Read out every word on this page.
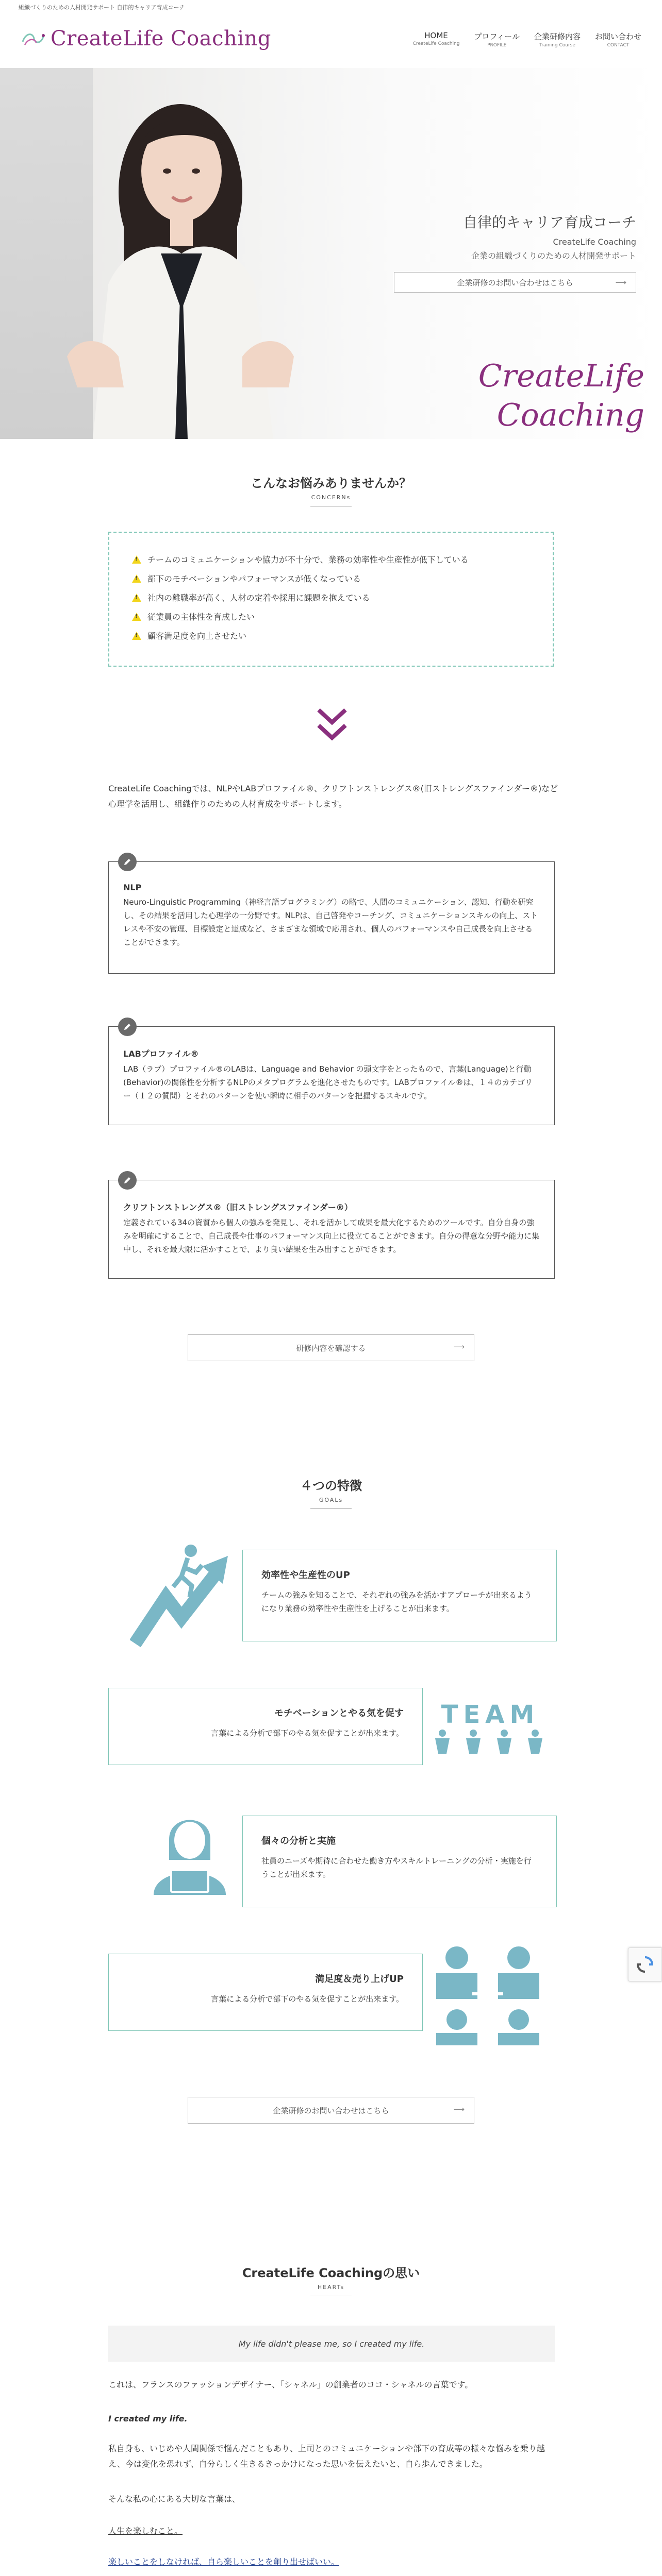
組織づくりのための人材開発サポート 自律的キャリア育成コーチ
CreateLife Coaching	HOME
CreateLife Coaching
プロフィール
PROFILE
企業研修内容
Training Course
お問い合わせ
CONTACT
自律的キャリア育成コーチ
CreateLife Coaching
企業の組織づくりのための人材開発サポート
企業研修のお問い合わせはこちら	⟶
CreateLife
Coaching
こんなお悩みありませんか？
CONCERNs
!
チームのコミュニケーションや協力が不十分で、業務の効率性や生産性が低下している
!
部下のモチベーションやパフォーマンスが低くなっている
!
社内の離職率が高く、人材の定着や採用に課題を抱えている
!
従業員の主体性を育成したい
!
顧客満足度を向上させたい
CreateLife Coachingでは、NLPやLABプロファイル®、クリフトンストレングス®(旧ストレングスファインダー®)など心理学を活用し、組織作りのための人材育成をサポートします。
NLP
Neuro-Linguistic Programming（神経言語プログラミング）の略で、人間のコミュニケーション、認知、行動を研究し、その結果を活用した心理学の一分野です。NLPは、自己啓発やコーチング、コミュニケーションスキルの向上、ストレスや不安の管理、目標設定と達成など、さまざまな領域で応用され、個人のパフォーマンスや自己成長を向上させることができます。
LABプロファイル®
LAB（ラブ）プロファイル®のLABは、Language and Behavior の頭文字をとったもので、言葉(Language)と行動(Behavior)の関係性を分析するNLPのメタプログラムを進化させたものです。LABプロファイル®は、１４のカテゴリー（１２の質問）とそれのパターンを使い瞬時に相手のパターンを把握するスキルです。
クリフトンストレングス®（旧ストレングスファインダー®）
定義されている34の資質から個人の強みを発見し、それを活かして成果を最大化するためのツールです。自分自身の強みを明確にすることで、自己成長や仕事のパフォーマンス向上に役立てることができます。自分の得意な分野や能力に集中し、それを最大限に活かすことで、より良い結果を生み出すことができます。
研修内容を確認する	⟶
４つの特徴
GOALs
効率性や生産性のUP
チームの強みを知ることで、それぞれの強みを活かすアプローチが出来るようになり業務の効率性や生産性を上げることが出来ます。
モチベーションとやる気を促す
言葉による分析で部下のやる気を促すことが出来ます。
TEAM
個々の分析と実施
社員のニーズや期待に合わせた働き方やスキルトレーニングの分析・実施を行うことが出来ます。
満足度＆売り上げUP
言葉による分析で部下のやる気を促すことが出来ます。
企業研修のお問い合わせはこちら	⟶
CreateLife Coachingの思い
HEARTs
My life didn't please me, so I created my life.
これは、フランスのファッションデザイナー、「シャネル」の創業者のココ・シャネルの言葉です。
I created my life.
私自身も、いじめや人間関係で悩んだこともあり、上司とのコミュニケーションや部下の育成等の様々な悩みを乗り越え、今は変化を恐れず、自分らしく生きるきっかけになった思いを伝えたいと、自ら歩んできました。
そんな私の心にある大切な言葉は、
人生を楽しむこと。
楽しいことをしなければ、自ら楽しいことを創り出せばいい。
